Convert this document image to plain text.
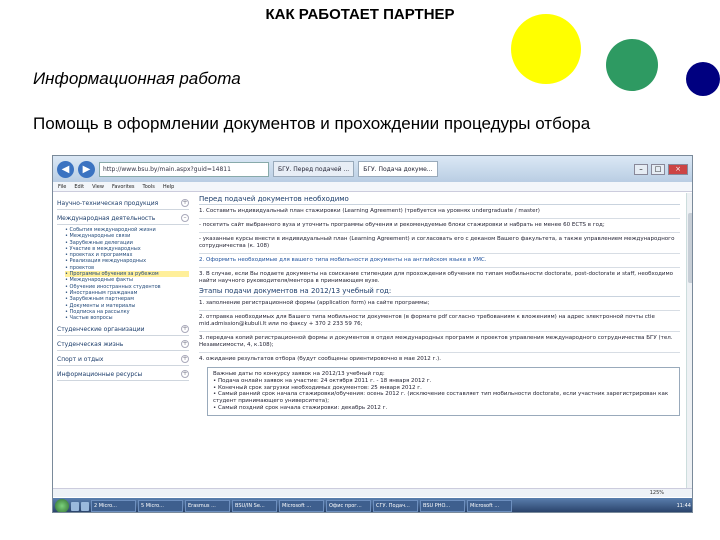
КАК РАБОТАЕТ ПАРТНЕР
Информационная работа
Помощь в оформлении документов и прохождении процедуры отбора
◀	▶	http://www.bsu.by/main.aspx?guid=14811	БГУ. Перед подачей ...	БГУ. Подача докуме...	–	□	×
File Edit View Favorites Tools Help
Научно-техническая продукция	+
Международная деятельность	–
• События международной жизни
• Международные связи
• Зарубежные делегации
• Участие в международных
• проектах и программах
• Реализация международных
• проектов
• Программы обучения за рубежом
• Международные факты
• Обучение иностранных студентов
• Иностранным гражданам
• Зарубежным партнерам
• Документы и материалы
• Подписка на рассылку
• Частые вопросы
Студенческие организации	+
Студенческая жизнь	+
Спорт и отдых	+
Информационные ресурсы	+
Перед подачей документов необходимо
1. Составить индивидуальный план стажировки (Learning Agreement) (требуется на уровнях undergraduate / master)
- посетить сайт выбранного вуза и уточнить программы обучения и рекомендуемые блоки стажировки и набрать не менее 60 ECTS в год;
- указанные курсы внести в индивидуальный план (Learning Agreement) и согласовать его с деканом Вашего факультета, а также управлением международного сотрудничества (к. 108)
2. Оформить необходимые для вашего типа мобильности документы на английском языке в УМС.
3. В случае, если Вы подаете документы на соискание стипендии для прохождения обучения по типам мобильности doctorate, post-doctorate и staff, необходимо найти научного руководителя/ментора в принимающем вузе.
Этапы подачи документов на 2012/13 учебный год:
1. заполнение регистрационной формы (application form) на сайте программы;
2. отправка необходимых для Вашего типа мобильности документов (в формате pdf согласно требованиям к вложениям) на адрес электронной почты ctie mid.admission@kubuli.lt или по факсу + 370 2 233 59 76;
3. передача копий регистрационной формы и документов в отдел международных программ и проектов управления международного сотрудничества БГУ (тел. Независимости, 4, к.108);
4. ожидание результатов отбора (будут сообщены ориентировочно в мае 2012 г.).
Важные даты по конкурсу заявок на 2012/13 учебный год:
• Подача онлайн заявок на участие: 24 октября 2011 г. - 18 января 2012 г.
• Конечный срок загрузки необходимых документов: 25 января 2012 г.
• Самый ранний срок начала стажировки/обучения: осень 2012 г. (исключение составляет тип мобильности doctorate, если участник зарегистрирован как студент принимающего университета);
• Самый поздний срок начала стажировки: декабрь 2012 г.
125%
2 Micro...	5 Micro...	Erasmus ...	BSU/IN Se...	Microsoft ...	Офис прог...	СГУ. Подач...	BSU PHO...	Microsoft ...	11:44
